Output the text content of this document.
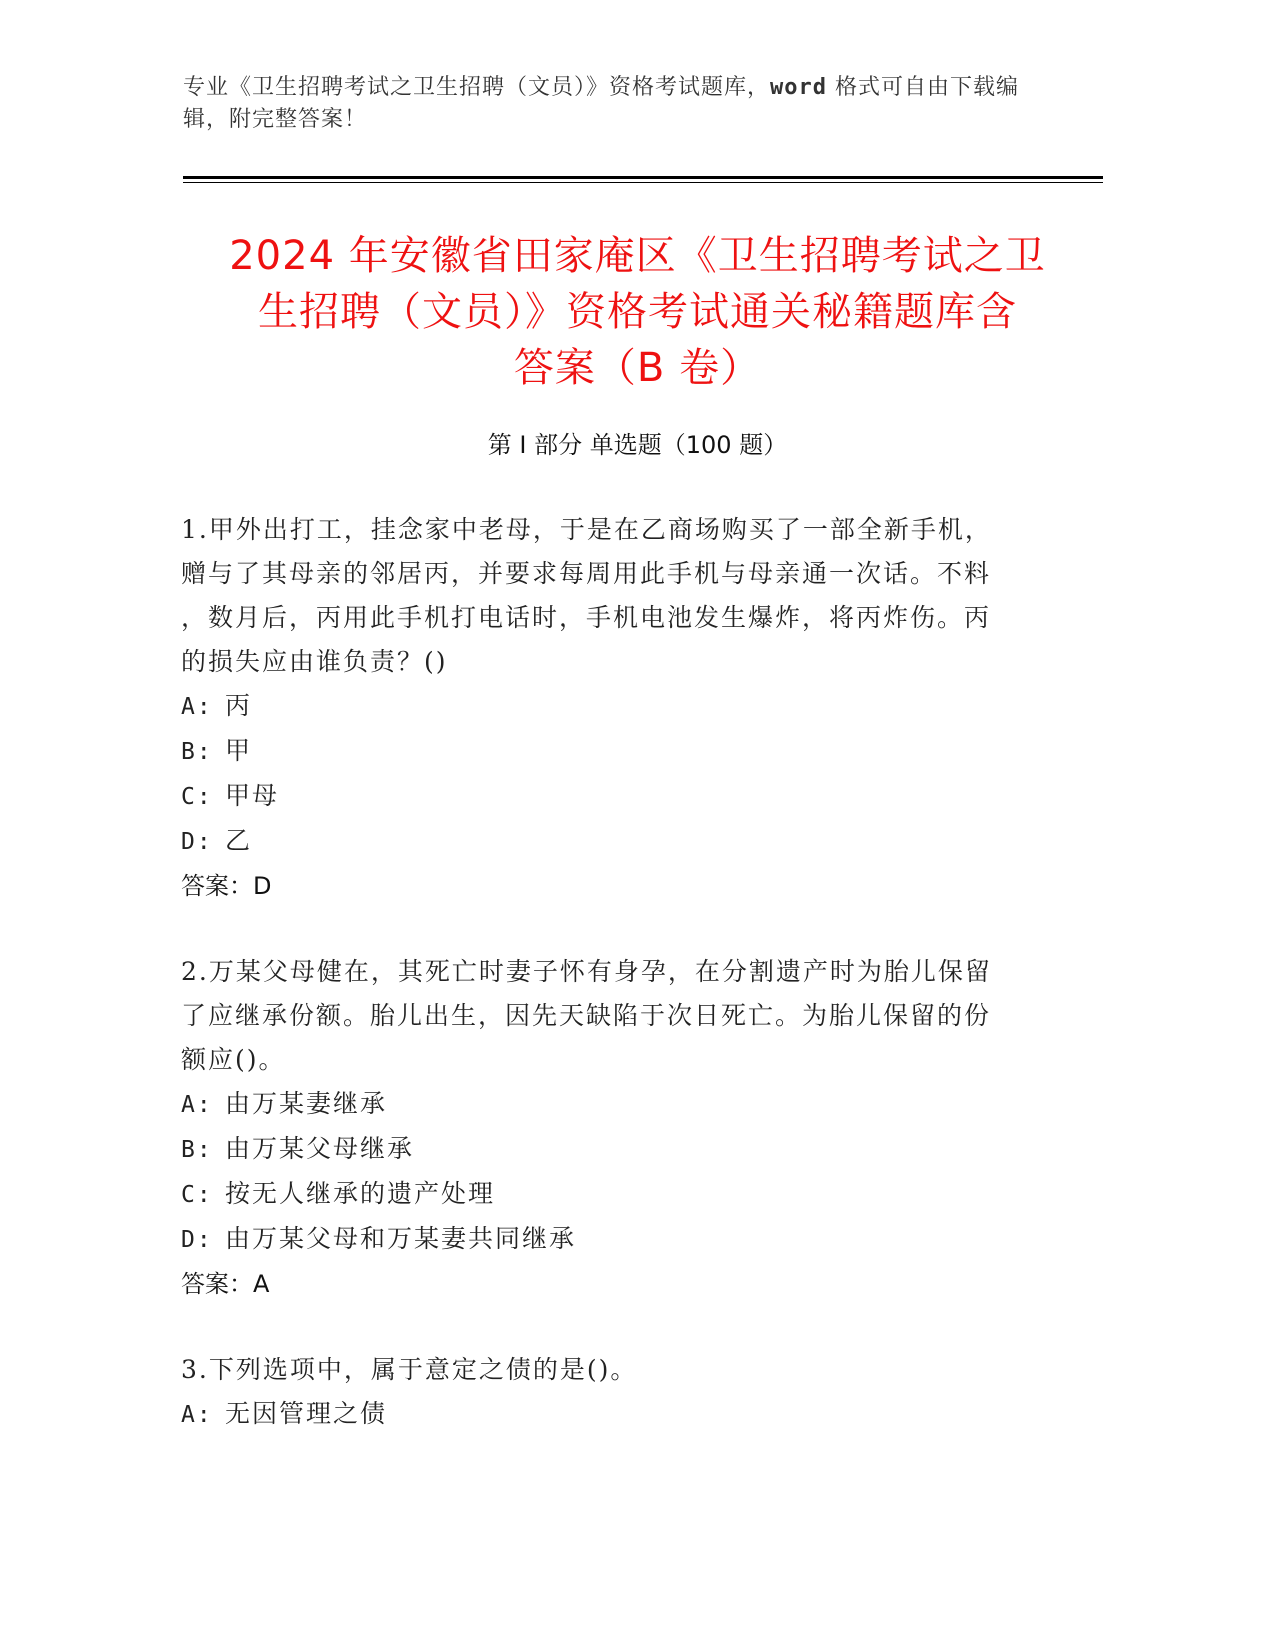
专业《卫生招聘考试之卫生招聘（文员）》资格考试题库，word 格式可自由下载编辑，附完整答案！
2024 年安徽省田家庵区《卫生招聘考试之卫
生招聘（文员）》资格考试通关秘籍题库含
答案（B 卷）
第 I 部分 单选题（100 题）
1.甲外出打工，挂念家中老母，于是在乙商场购买了一部全新手机，
赠与了其母亲的邻居丙，并要求每周用此手机与母亲通一次话。不料
，数月后，丙用此手机打电话时，手机电池发生爆炸，将丙炸伤。丙
的损失应由谁负责？()
A: 丙
B: 甲
C: 甲母
D: 乙
答案：D
2.万某父母健在，其死亡时妻子怀有身孕，在分割遗产时为胎儿保留
了应继承份额。胎儿出生，因先天缺陷于次日死亡。为胎儿保留的份
额应()。
A: 由万某妻继承
B: 由万某父母继承
C: 按无人继承的遗产处理
D: 由万某父母和万某妻共同继承
答案：A
3.下列选项中，属于意定之债的是()。
A: 无因管理之债
